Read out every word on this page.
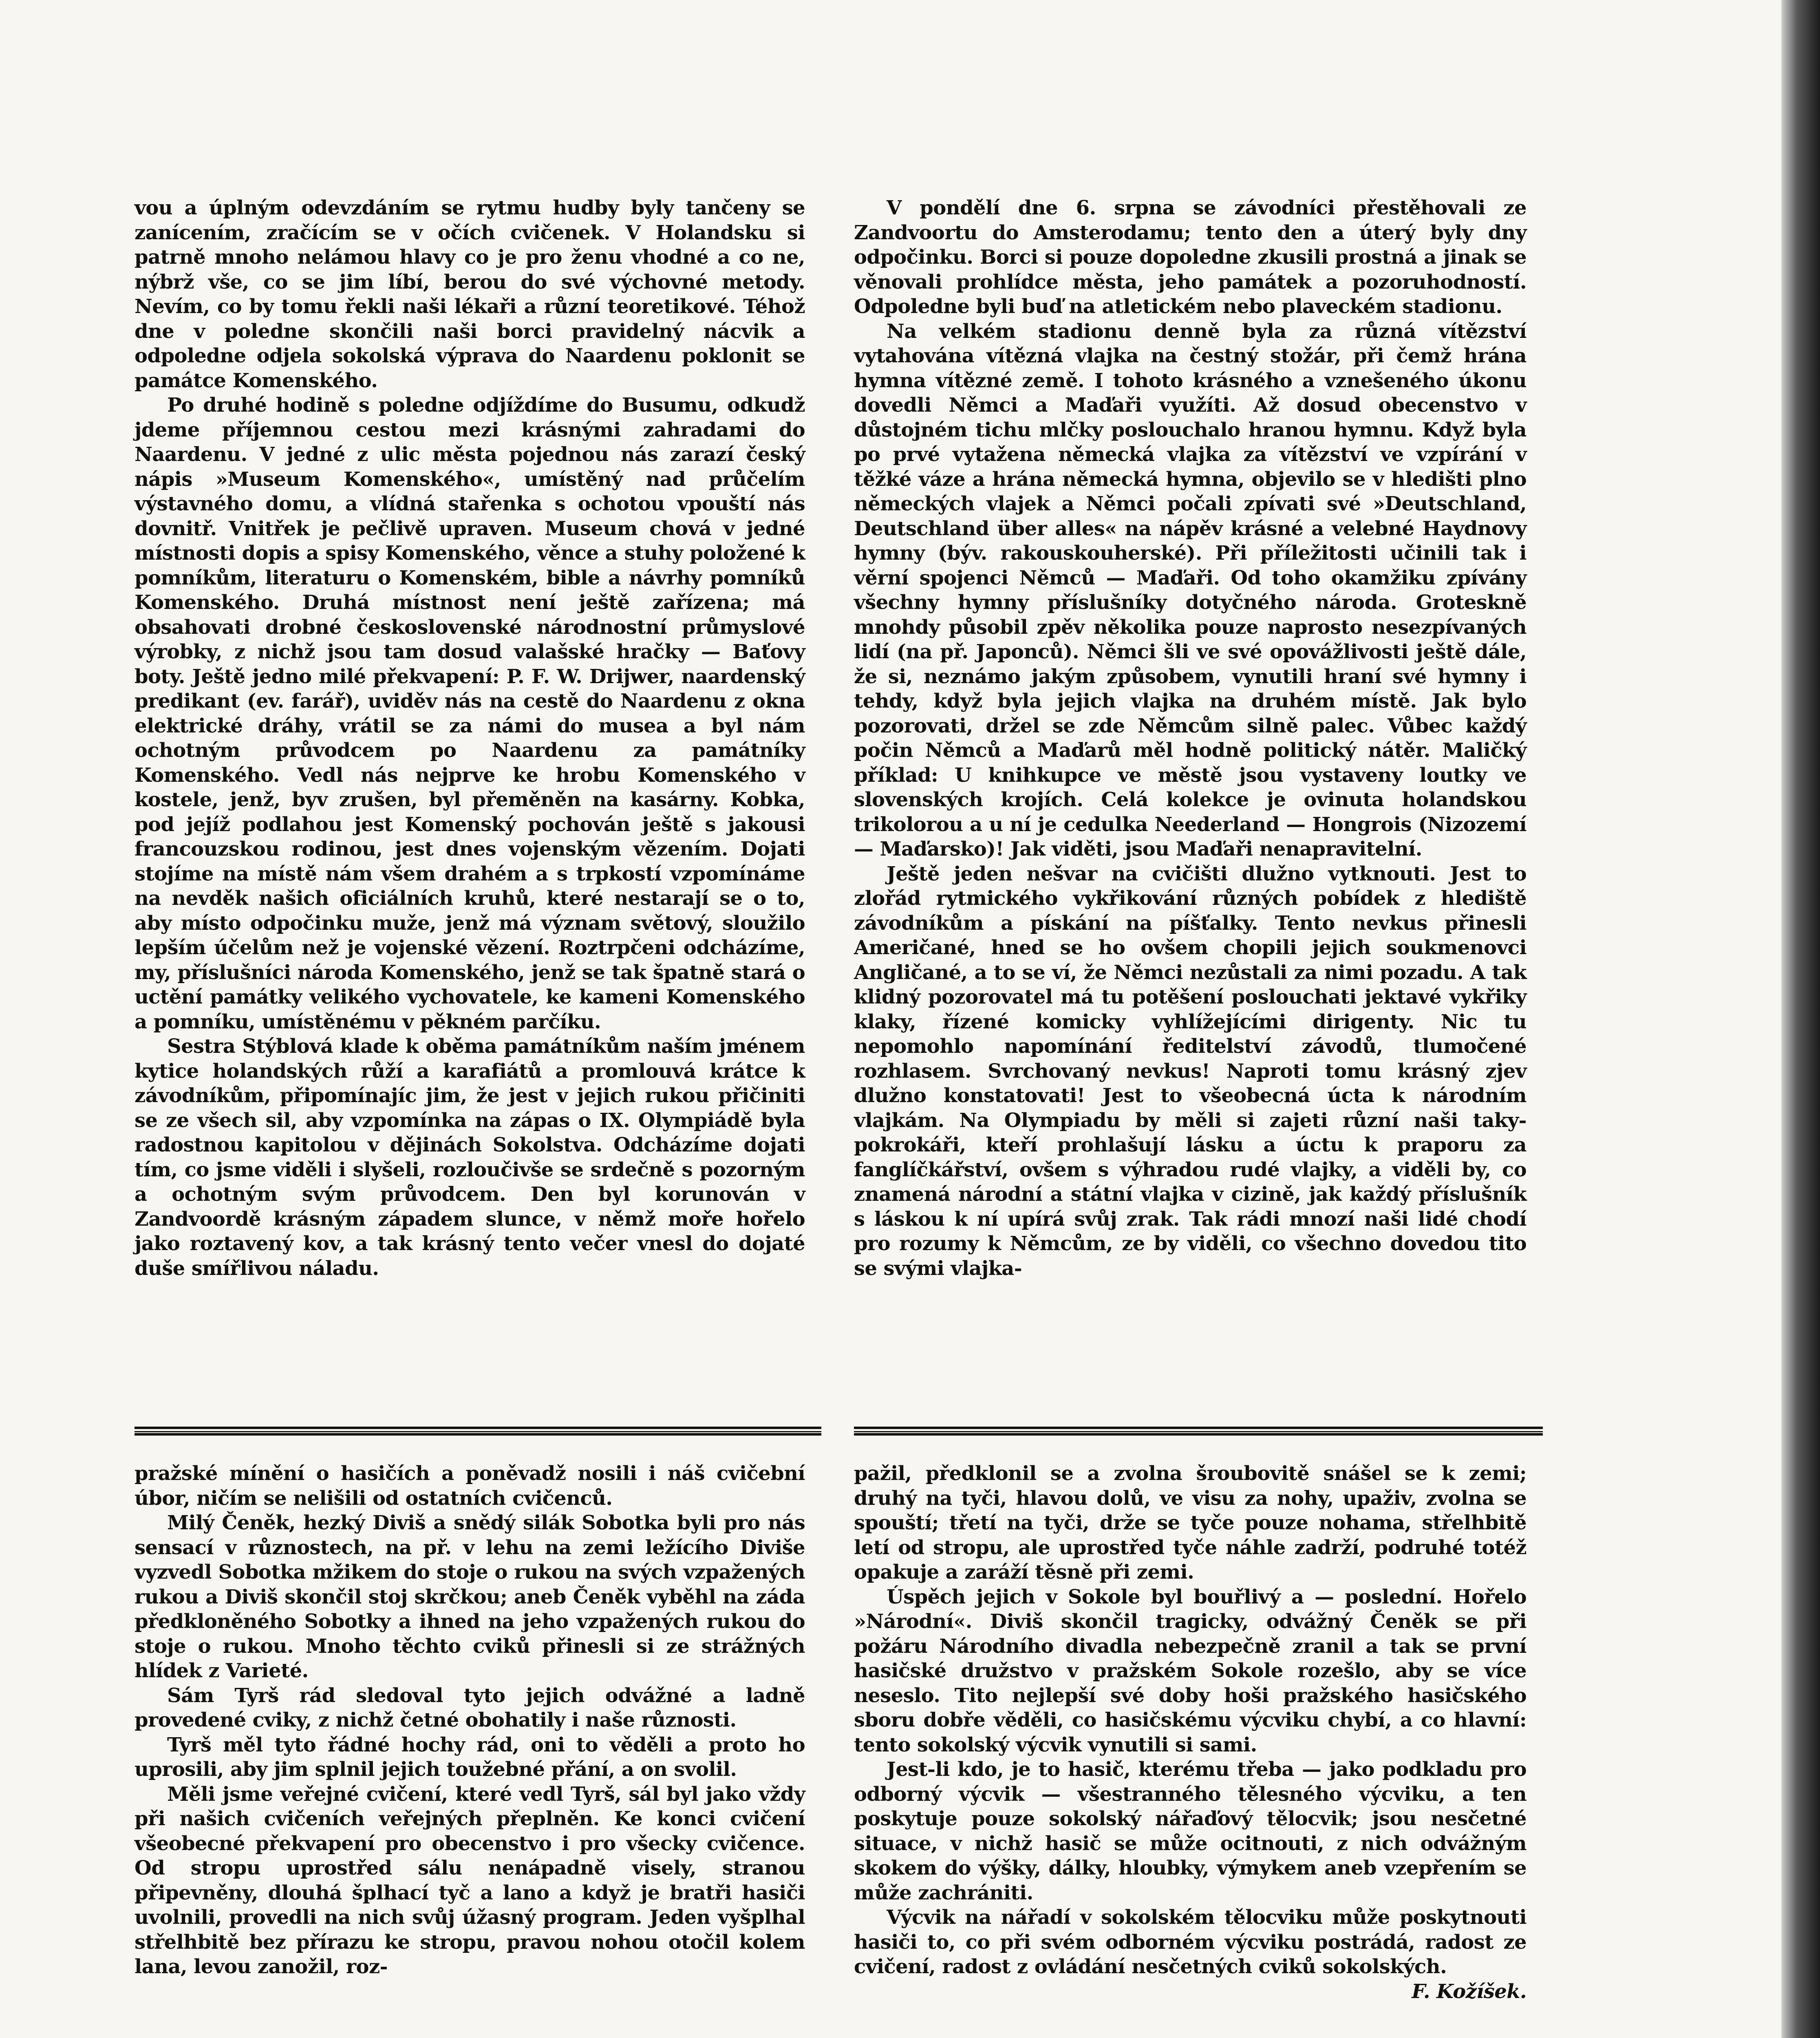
vou a úplným odevzdáním se rytmu hudby byly tančeny se zanícením, zračícím se v očích cvičenek. V Holandsku si patrně mnoho nelámou hlavy co je pro ženu vhodné a co ne, nýbrž vše, co se jim líbí, berou do své výchovné metody. Nevím, co by tomu řekli naši lékaři a různí teoretikové. Téhož dne v poledne skončili naši borci pravidelný nácvik a odpoledne odjela sokolská výprava do Naardenu poklonit se památce Komenského.

Po druhé hodině s poledne odjíždíme do Busumu, odkudž jdeme příjemnou cestou mezi krásnými zahradami do Naardenu. V jedné z ulic města pojednou nás zarazí český nápis »Museum Komenského«, umístěný nad průčelím výstavného domu, a vlídná stařenka s ochotou vpouští nás dovnitř. Vnitřek je pečlivě upraven. Museum chová v jedné místnosti dopis a spisy Komenského, věnce a stuhy položené k pomníkům, literaturu o Komenském, bible a návrhy pomníků Komenského. Druhá místnost není ještě zařízena; má obsahovati drobné československé národnostní průmyslové výrobky, z nichž jsou tam dosud valašské hračky — Baťovy boty. Ještě jedno milé překvapení: P. F. W. Drijwer, naardenský predikant (ev. farář), uviděv nás na cestě do Naardenu z okna elektrické dráhy, vrátil se za námi do musea a byl nám ochotným průvodcem po Naardenu za památníky Komenského. Vedl nás nejprve ke hrobu Komenského v kostele, jenž, byv zrušen, byl přeměněn na kasárny. Kobka, pod jejíž podlahou jest Komenský pochován ještě s jakousi francouzskou rodinou, jest dnes vojenským vězením. Dojati stojíme na místě nám všem drahém a s trpkostí vzpomínáme na nevděk našich oficiálních kruhů, které nestarají se o to, aby místo odpočinku muže, jenž má význam světový, sloužilo lepším účelům než je vojenské vězení. Roztrpčeni odcházíme, my, příslušníci národa Komenského, jenž se tak špatně stará o uctění památky velikého vychovatele, ke kameni Komenského a pomníku, umístěnému v pěkném parčíku.

Sestra Stýblová klade k oběma památníkům naším jménem kytice holandských růží a karafiátů a promlouvá krátce k závodníkům, připomínajíc jim, že jest v jejich rukou přičiniti se ze všech sil, aby vzpomínka na zápas o IX. Olympiádě byla radostnou kapitolou v dějinách Sokolstva. Odcházíme dojati tím, co jsme viděli i slyšeli, rozloučivše se srdečně s pozorným a ochotným svým průvodcem. Den byl korunován v Zandvoordě krásným západem slunce, v němž moře hořelo jako roztavený kov, a tak krásný tento večer vnesl do dojaté duše smířlivou náladu.

V pondělí dne 6. srpna se závodníci přestěhovali ze Zandvoortu do Amsterodamu; tento den a úterý byly dny odpočinku. Borci si pouze dopoledne zkusili prostná a jinak se věnovali prohlídce města, jeho památek a pozoruhodností. Odpoledne byli buď na atletickém nebo plaveckém stadionu.

Na velkém stadionu denně byla za různá vítězství vytahována vítězná vlajka na čestný stožár, při čemž hrána hymna vítězné země. I tohoto krásného a vznešeného úkonu dovedli Němci a Maďaři využíti. Až dosud obecenstvo v důstojném tichu mlčky poslouchalo hranou hymnu. Když byla po prvé vytažena německá vlajka za vítězství ve vzpírání v těžké váze a hrána německá hymna, objevilo se v hledišti plno německých vlajek a Němci počali zpívati své »Deutschland, Deutschland über alles« na nápěv krásné a velebné Haydnovy hymny (býv. rakouskouherské). Při příležitosti učinili tak i věrní spojenci Němců — Maďaři. Od toho okamžiku zpívány všechny hymny příslušníky dotyčného národa. Groteskně mnohdy působil zpěv několika pouze naprosto nesezpívaných lidí (na př. Japonců). Němci šli ve své opovážlivosti ještě dále, že si, neznámo jakým způsobem, vynutili hraní své hymny i tehdy, když byla jejich vlajka na druhém místě. Jak bylo pozorovati, držel se zde Němcům silně palec. Vůbec každý počin Němců a Maďarů měl hodně politický nátěr. Maličký příklad: U knihkupce ve městě jsou vystaveny loutky ve slovenských krojích. Celá kolekce je ovinuta holandskou trikolorou a u ní je cedulka Neederland — Hongrois (Nizozemí — Maďarsko)! Jak viděti, jsou Maďaři nenapravitelní.

Ještě jeden nešvar na cvičišti dlužno vytknouti. Jest to zlořád rytmického vykřikování různých pobídek z hlediště závodníkům a pískání na píšťalky. Tento nevkus přinesli Američané, hned se ho ovšem chopili jejich soukmenovci Angličané, a to se ví, že Němci nezůstali za nimi pozadu. A tak klidný pozorovatel má tu potěšení poslouchati jektavé vykřiky klaky, řízené komicky vyhlížejícími dirigenty. Nic tu nepomohlo napomínání ředitelství závodů, tlumočené rozhlasem. Svrchovaný nevkus! Naproti tomu krásný zjev dlužno konstatovati! Jest to všeobecná úcta k národním vlajkám. Na Olympiadu by měli si zajeti různí naši taky-pokrokáři, kteří prohlašují lásku a úctu k praporu za fanglíčkářství, ovšem s výhradou rudé vlajky, a viděli by, co znamená národní a státní vlajka v cizině, jak každý příslušník s láskou k ní upírá svůj zrak. Tak rádi mnozí naši lidé chodí pro rozumy k Němcům, ze by viděli, co všechno dovedou tito se svými vlajka-

pražské mínění o hasičích a poněvadž nosili i náš cvičební úbor, ničím se nelišili od ostatních cvičenců.

Milý Čeněk, hezký Diviš a snědý silák Sobotka byli pro nás sensací v různostech, na př. v lehu na zemi ležícího Diviše vyzvedl Sobotka mžikem do stoje o rukou na svých vzpažených rukou a Diviš skončil stoj skrčkou; aneb Čeněk vyběhl na záda předkloněného Sobotky a ihned na jeho vzpažených rukou do stoje o rukou. Mnoho těchto cviků přinesli si ze strážných hlídek z Varieté.

Sám Tyrš rád sledoval tyto jejich odvážné a ladně provedené cviky, z nichž četné obohatily i naše různosti.

Tyrš měl tyto řádné hochy rád, oni to věděli a proto ho uprosili, aby jim splnil jejich toužebné přání, a on svolil.

Měli jsme veřejné cvičení, které vedl Tyrš, sál byl jako vždy při našich cvičeních veřejných přeplněn. Ke konci cvičení všeobecné překvapení pro obecenstvo i pro všecky cvičence. Od stropu uprostřed sálu nenápadně visely, stranou připevněny, dlouhá šplhací tyč a lano a když je bratři hasiči uvolnili, provedli na nich svůj úžasný program. Jeden vyšplhal střelhbitě bez přírazu ke stropu, pravou nohou otočil kolem lana, levou zanožil, roz-

pažil, předklonil se a zvolna šroubovitě snášel se k zemi; druhý na tyči, hlavou dolů, ve visu za nohy, upaživ, zvolna se spouští; třetí na tyči, drže se tyče pouze nohama, střelhbitě letí od stropu, ale uprostřed tyče náhle zadrží, podruhé totéž opakuje a zaráží těsně při zemi.

Úspěch jejich v Sokole byl bouřlivý a — poslední. Hořelo »Národní«. Diviš skončil tragicky, odvážný Čeněk se při požáru Národního divadla nebezpečně zranil a tak se první hasičské družstvo v pražském Sokole rozešlo, aby se více neseslo. Tito nejlepší své doby hoši pražského hasičského sboru dobře věděli, co hasičskému výcviku chybí, a co hlavní: tento sokolský výcvik vynutili si sami.

Jest-li kdo, je to hasič, kterému třeba — jako podkladu pro odborný výcvik — všestranného tělesného výcviku, a ten poskytuje pouze sokolský nářaďový tělocvik; jsou nesčetné situace, v nichž hasič se může ocitnouti, z nich odvážným skokem do výšky, dálky, hloubky, výmykem aneb vzepřením se může zachrániti.

Výcvik na nářadí v sokolském tělocviku může poskytnouti hasiči to, co při svém odborném výcviku postrádá, radost ze cvičení, radost z ovládání nesčetných cviků sokolských.

F. Kožíšek.
